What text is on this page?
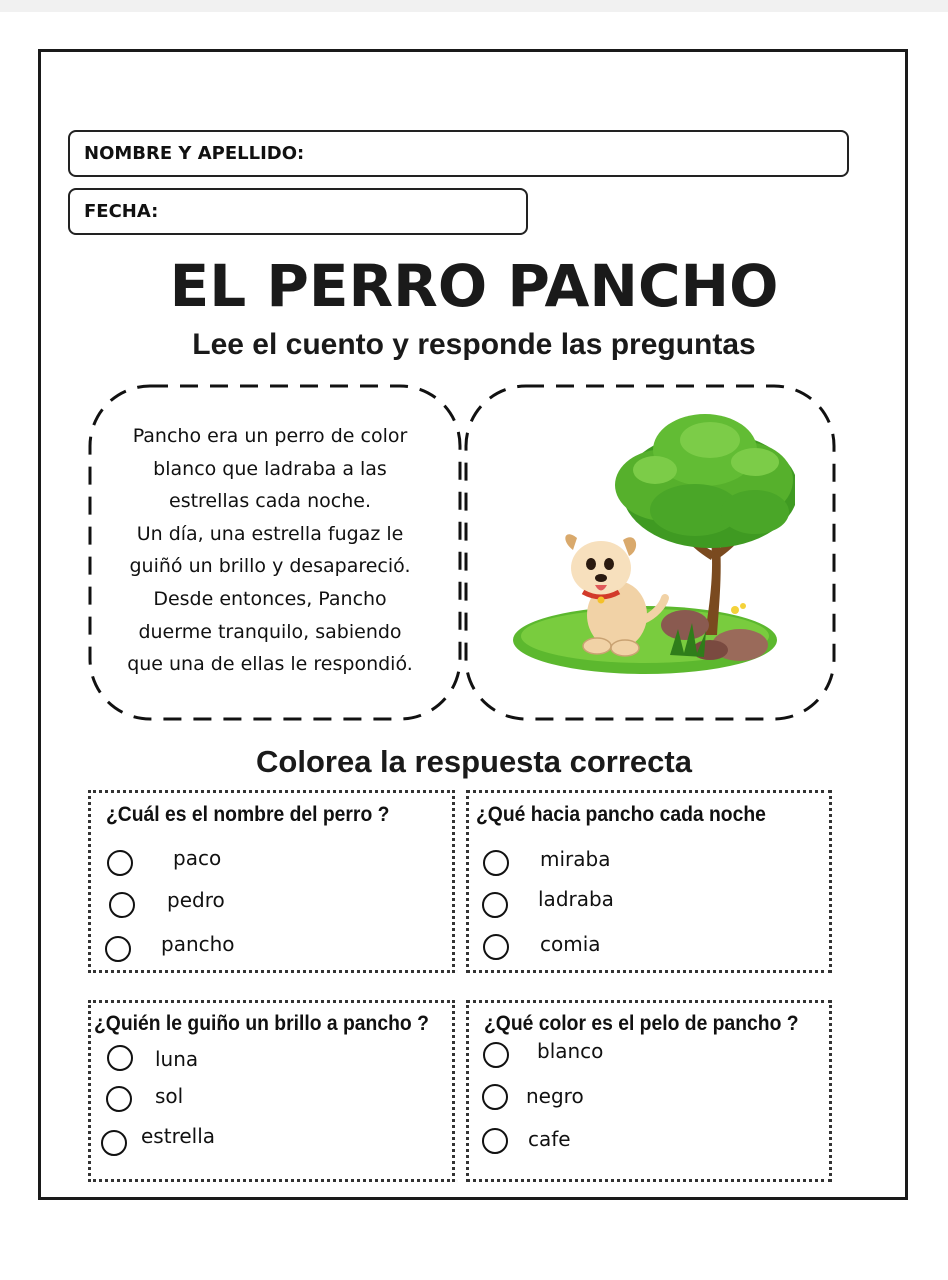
NOMBRE Y APELLIDO:
FECHA:
EL PERRO PANCHO
Lee el cuento y responde las preguntas
Pancho era un perro de color
blanco que ladraba a las
estrellas cada noche.
Un día, una estrella fugaz le
guiñó un brillo y desapareció.
Desde entonces, Pancho
duerme tranquilo, sabiendo
que una de ellas le respondió.
Colorea la respuesta correcta
¿Cuál es el nombre del perro ?
paco
pedro
pancho
¿Qué hacia pancho cada noche
miraba
ladraba
comia
¿Quién le guiño un brillo a pancho ?
luna
sol
estrella
¿Qué color es el pelo de pancho ?
blanco
negro
cafe
